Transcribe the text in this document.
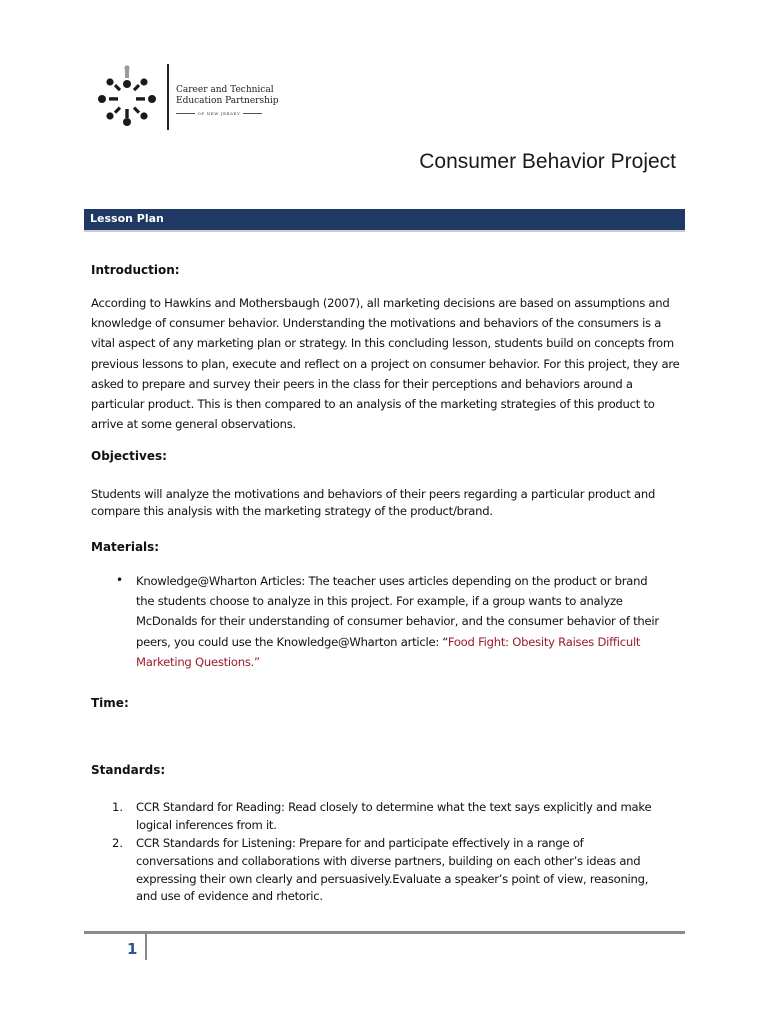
Career and Technical
Education Partnership
OF NEW JERSEY
Consumer Behavior Project
Lesson Plan
Introduction:

According to Hawkins and Mothersbaugh (2007), all marketing decisions are based on assumptions and knowledge of consumer behavior. Understanding the motivations and behaviors of the consumers is a vital aspect of any marketing plan or strategy. In this concluding lesson, students build on concepts from previous lessons to plan, execute and reflect on a project on consumer behavior. For this project, they are asked to prepare and survey their peers in the class for their perceptions and behaviors around a particular product. This is then compared to an analysis of the marketing strategies of this product to arrive at some general observations.

Objectives:

Students will analyze the motivations and behaviors of their peers regarding a particular product and compare this analysis with the marketing strategy of the product/brand.

Materials:
• Knowledge@Wharton Articles: The teacher uses articles depending on the product or brand the students choose to analyze in this project. For example, if a group wants to analyze McDonalds for their understanding of consumer behavior, and the consumer behavior of their peers, you could use the Knowledge@Wharton article: “Food Fight: Obesity Raises Difficult Marketing Questions.”
Time:
Standards:
1. CCR Standard for Reading: Read closely to determine what the text says explicitly and make logical inferences from it.
2. CCR Standards for Listening: Prepare for and participate effectively in a range of conversations and collaborations with diverse partners, building on each other’s ideas and expressing their own clearly and persuasively.Evaluate a speaker’s point of view, reasoning, and use of evidence and rhetoric.
1
